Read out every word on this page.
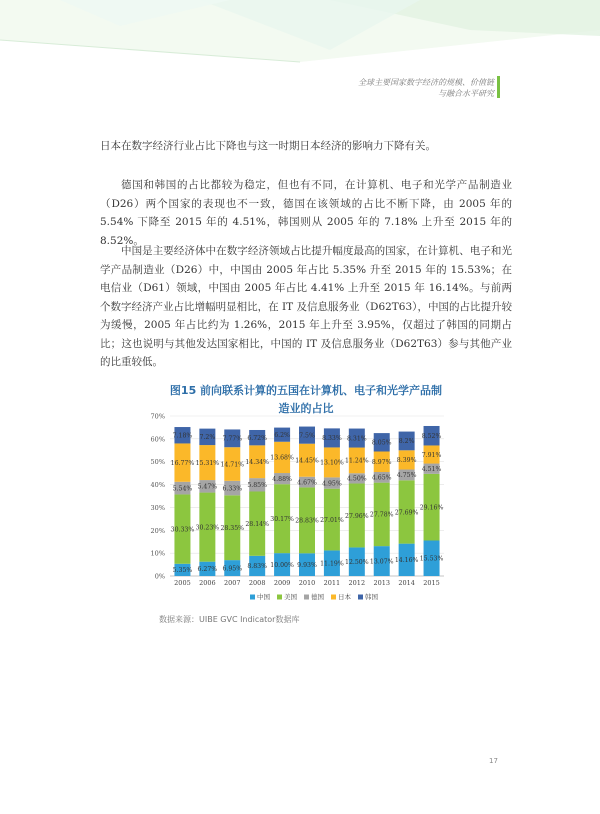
全球主要国家数字经济的规模、价值链
与融合水平研究

日本在数字经济行业占比下降也与这一时期日本经济的影响力下降有关。

德国和韩国的占比都较为稳定，但也有不同，在计算机、电子和光学产品制造业（D26）两个国家的表现也不一致，德国在该领域的占比不断下降，由 2005 年的 5.54% 下降至 2015 年的 4.51%，韩国则从 2005 年的 7.18% 上升至 2015 年的 8.52%。

中国是主要经济体中在数字经济领域占比提升幅度最高的国家，在计算机、电子和光学产品制造业（D26）中，中国由 2005 年占比 5.35% 升至 2015 年的 15.53%；在电信业（D61）领域，中国由 2005 年占比 4.41% 上升至 2015 年 16.14%。与前两个数字经济产业占比增幅明显相比，在 IT 及信息服务业（D62T63），中国的占比提升较为缓慢，2005 年占比约为 1.26%，2015 年上升至 3.95%，仅超过了韩国的同期占比；这也说明与其他发达国家相比，中国的 IT 及信息服务业（D62T63）参与其他产业的比重较低。

图15 前向联系计算的五国在计算机、电子和光学产品制
造业的占比
0%
10%
20%
30%
40%
50%
60%
70%
5.35%
30.33%
5.54%
16.77%
7.18%
2005
6.27%
30.23%
5.47%
15.31%
7.2%
2006
6.95%
28.35%
6.33%
14.71%
7.77%
2007
8.83%
28.14%
5.85%
14.34%
6.72%
2008
10.00%
30.17%
4.88%
13.68%
6.2%
2009
9.93%
28.83%
4.67%
14.45%
7.5%
2010
11.19%
27.01%
4.95%
13.10%
8.33%
2011
12.50%
27.96%
4.50%
11.24%
8.31%
2012
13.07%
27.78%
4.65%
8.97%
8.05%
2013
14.16%
27.69%
4.75%
8.39%
8.2%
2014
15.53%
29.16%
4.51%
7.91%
8.52%
2015
中国 美国 德国 日本 韩国
数据来源：UIBE GVC Indicator数据库
17
